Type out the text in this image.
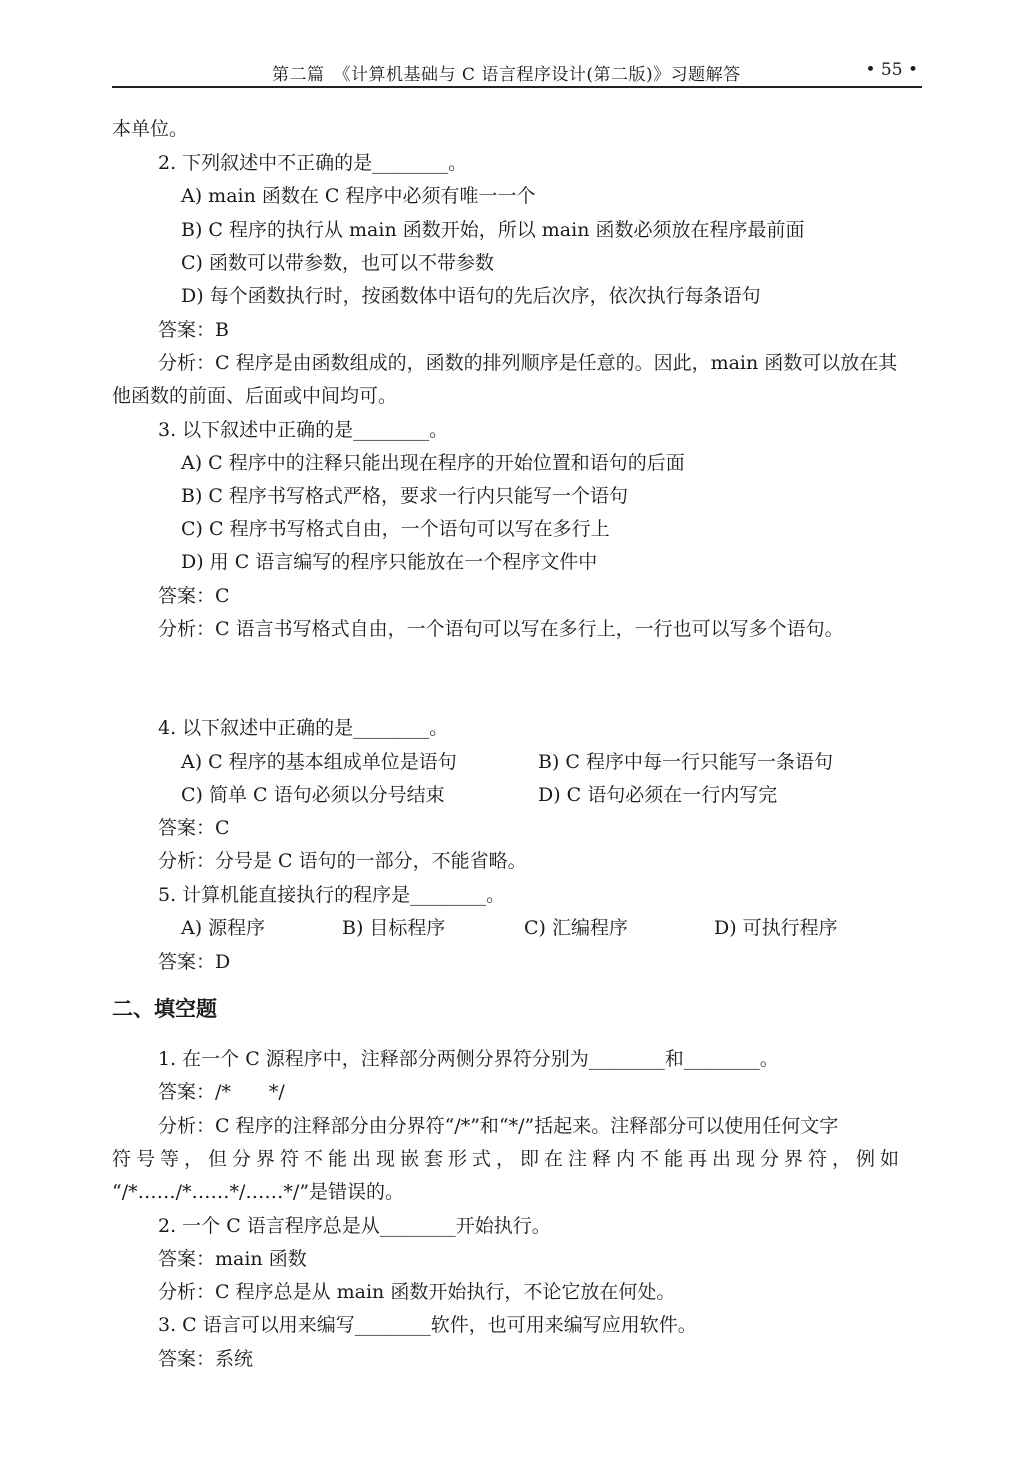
第二篇　《计算机基础与 C 语言程序设计(第二版)》习题解答	• 55 •
本单位。
2. 下列叙述中不正确的是________。
A) main 函数在 C 程序中必须有唯一一个
B) C 程序的执行从 main 函数开始，所以 main 函数必须放在程序最前面
C) 函数可以带参数，也可以不带参数
D) 每个函数执行时，按函数体中语句的先后次序，依次执行每条语句
答案：B
分析：C 程序是由函数组成的，函数的排列顺序是任意的。因此，main 函数可以放在其
他函数的前面、后面或中间均可。
3. 以下叙述中正确的是________。
A) C 程序中的注释只能出现在程序的开始位置和语句的后面
B) C 程序书写格式严格，要求一行内只能写一个语句
C) C 程序书写格式自由，一个语句可以写在多行上
D) 用 C 语言编写的程序只能放在一个程序文件中
答案：C
分析：C 语言书写格式自由，一个语句可以写在多行上，一行也可以写多个语句。
4. 以下叙述中正确的是________。
A) C 程序的基本组成单位是语句	B) C 程序中每一行只能写一条语句
C) 简单 C 语句必须以分号结束	D) C 语句必须在一行内写完
答案：C
分析：分号是 C 语句的一部分，不能省略。
5. 计算机能直接执行的程序是________。
A) 源程序	B) 目标程序	C) 汇编程序	D) 可执行程序
答案：D
二、填空题
1. 在一个 C 源程序中，注释部分两侧分界符分别为________和________。
答案：/*　　*/
分析：C 程序的注释部分由分界符“/*”和“*/”括起来。注释部分可以使用任何文字
符号等，但分界符不能出现嵌套形式，即在注释内不能再出现分界符，例如
“/*……/*……*/……*/”是错误的。
2. 一个 C 语言程序总是从________开始执行。
答案：main 函数
分析：C 程序总是从 main 函数开始执行，不论它放在何处。
3. C 语言可以用来编写________软件，也可用来编写应用软件。
答案：系统
